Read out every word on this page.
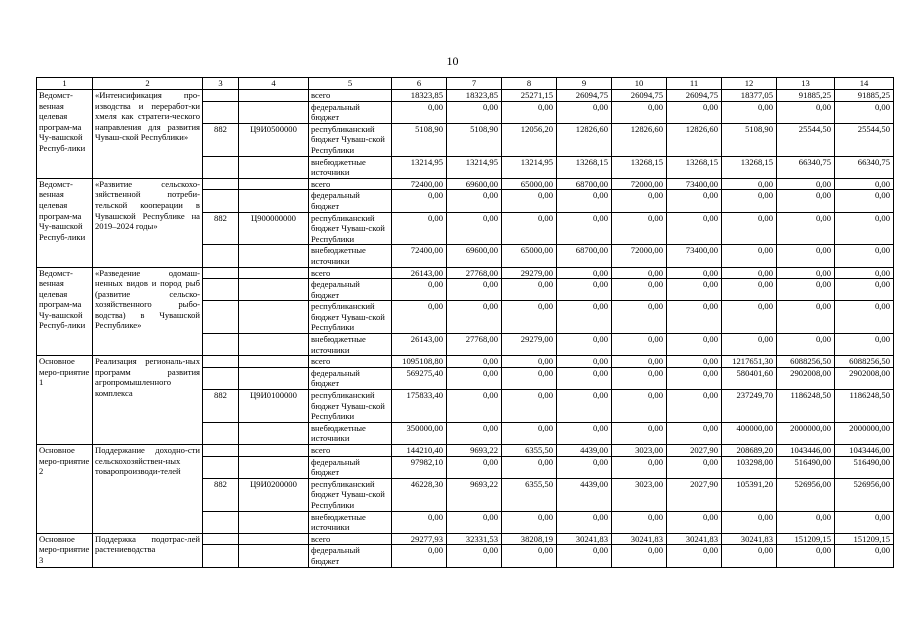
10
1	2	3	4	5	6	7	8	9	10	11	12	13	14
Ведомст-венная целевая програм-ма Чу-вашской Респуб-лики	«Интенсификация про-изводства и переработ-ки хмеля как стратеги-ческого направления для развития Чуваш-ской Республики»			всего	18323,85	18323,85	25271,15	26094,75	26094,75	26094,75	18377,05	91885,25	91885,25
				федеральный бюджет	0,00	0,00	0,00	0,00	0,00	0,00	0,00	0,00	0,00
		882	Ц9И0500000	республиканский бюджет Чуваш-ской Республики	5108,90	5108,90	12056,20	12826,60	12826,60	12826,60	5108,90	25544,50	25544,50
				внебюджетные источники	13214,95	13214,95	13214,95	13268,15	13268,15	13268,15	13268,15	66340,75	66340,75
Ведомст-венная целевая програм-ма Чу-вашской Респуб-лики	«Развитие сельскохо-зяйственной потреби-тельской кооперации в Чувашской Республике на 2019–2024 годы»			всего	72400,00	69600,00	65000,00	68700,00	72000,00	73400,00	0,00	0,00	0,00
				федеральный бюджет	0,00	0,00	0,00	0,00	0,00	0,00	0,00	0,00	0,00
		882	Ц900000000	республиканский бюджет Чуваш-ской Республики	0,00	0,00	0,00	0,00	0,00	0,00	0,00	0,00	0,00
				внебюджетные источники	72400,00	69600,00	65000,00	68700,00	72000,00	73400,00	0,00	0,00	0,00
Ведомст-венная целевая програм-ма Чу-вашской Респуб-лики	«Разведение одомаш-ненных видов и пород рыб (развитие сельско-хозяйственного рыбо-водства) в Чувашской Республике»			всего	26143,00	27768,00	29279,00	0,00	0,00	0,00	0,00	0,00	0,00
				федеральный бюджет	0,00	0,00	0,00	0,00	0,00	0,00	0,00	0,00	0,00
				республиканский бюджет Чуваш-ской Республики	0,00	0,00	0,00	0,00	0,00	0,00	0,00	0,00	0,00
				внебюджетные источники	26143,00	27768,00	29279,00	0,00	0,00	0,00	0,00	0,00	0,00
Основное меро-приятие 1	Реализация региональ-ных программ развития агропромышленного комплекса			всего	1095108,80	0,00	0,00	0,00	0,00	0,00	1217651,30	6088256,50	6088256,50
				федеральный бюджет	569275,40	0,00	0,00	0,00	0,00	0,00	580401,60	2902008,00	2902008,00
		882	Ц9И0100000	республиканский бюджет Чуваш-ской Республики	175833,40	0,00	0,00	0,00	0,00	0,00	237249,70	1186248,50	1186248,50
				внебюджетные источники	350000,00	0,00	0,00	0,00	0,00	0,00	400000,00	2000000,00	2000000,00
Основное меро-приятие 2	Поддержание доходно-сти сельскохозяйствен-ных товаропроизводи-телей			всего	144210,40	9693,22	6355,50	4439,00	3023,00	2027,90	208689,20	1043446,00	1043446,00
				федеральный бюджет	97982,10	0,00	0,00	0,00	0,00	0,00	103298,00	516490,00	516490,00
		882	Ц9И0200000	республиканский бюджет Чуваш-ской Республики	46228,30	9693,22	6355,50	4439,00	3023,00	2027,90	105391,20	526956,00	526956,00
				внебюджетные источники	0,00	0,00	0,00	0,00	0,00	0,00	0,00	0,00	0,00
Основное меро-приятие 3	Поддержка подотрас-лей растениеводства			всего	29277,93	32331,53	38208,19	30241,83	30241,83	30241,83	30241,83	151209,15	151209,15
				федеральный бюджет	0,00	0,00	0,00	0,00	0,00	0,00	0,00	0,00	0,00
